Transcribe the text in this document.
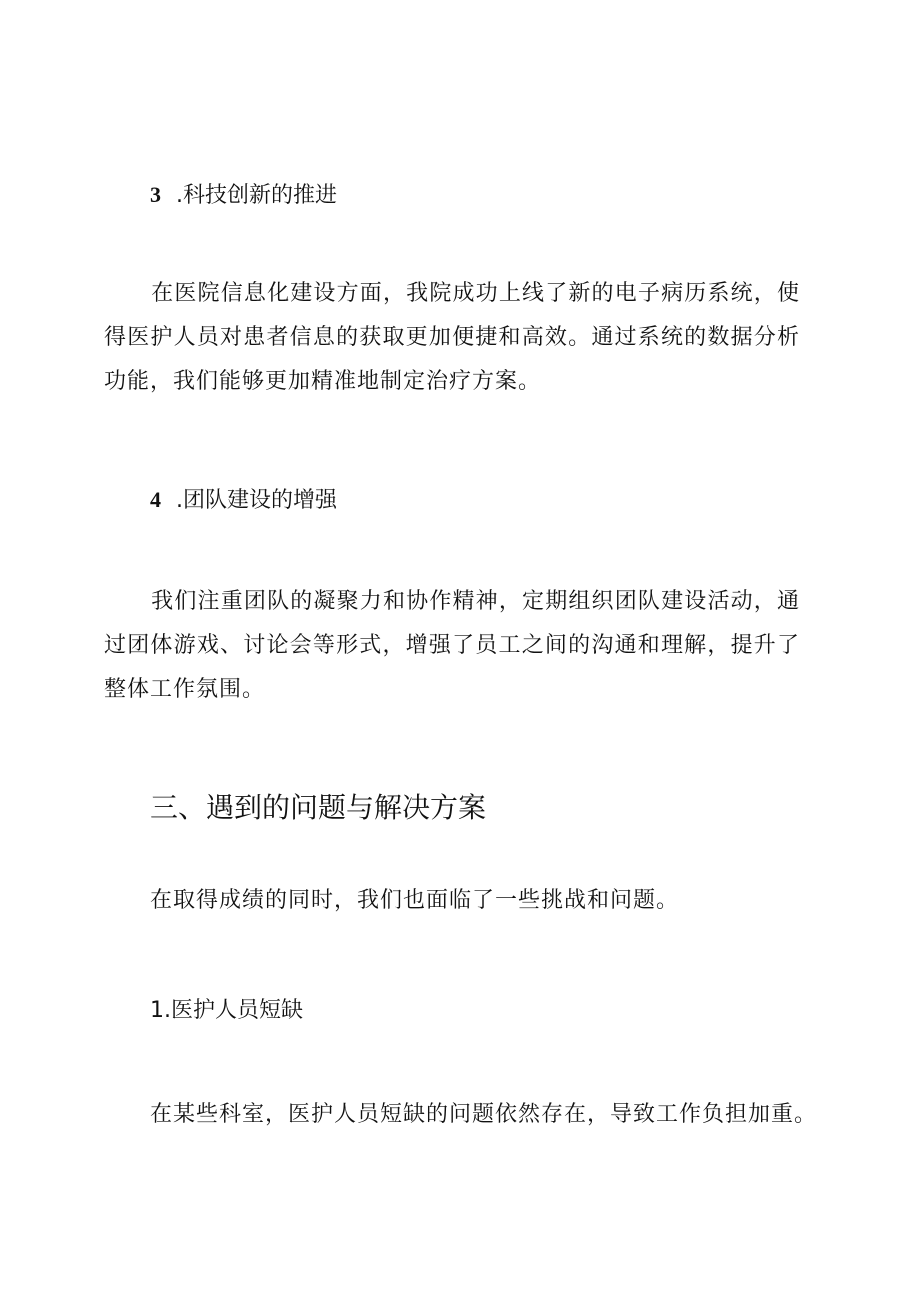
3 .科技创新的推进

在医院信息化建设方面，我院成功上线了新的电子病历系统，使得医护人员对患者信息的获取更加便捷和高效。通过系统的数据分析功能，我们能够更加精准地制定治疗方案。

4 .团队建设的增强

我们注重团队的凝聚力和协作精神，定期组织团队建设活动，通过团体游戏、讨论会等形式，增强了员工之间的沟通和理解，提升了整体工作氛围。

三、遇到的问题与解决方案
在取得成绩的同时，我们也面临了一些挑战和问题。
1.医护人员短缺
在某些科室，医护人员短缺的问题依然存在，导致工作负担加重。
